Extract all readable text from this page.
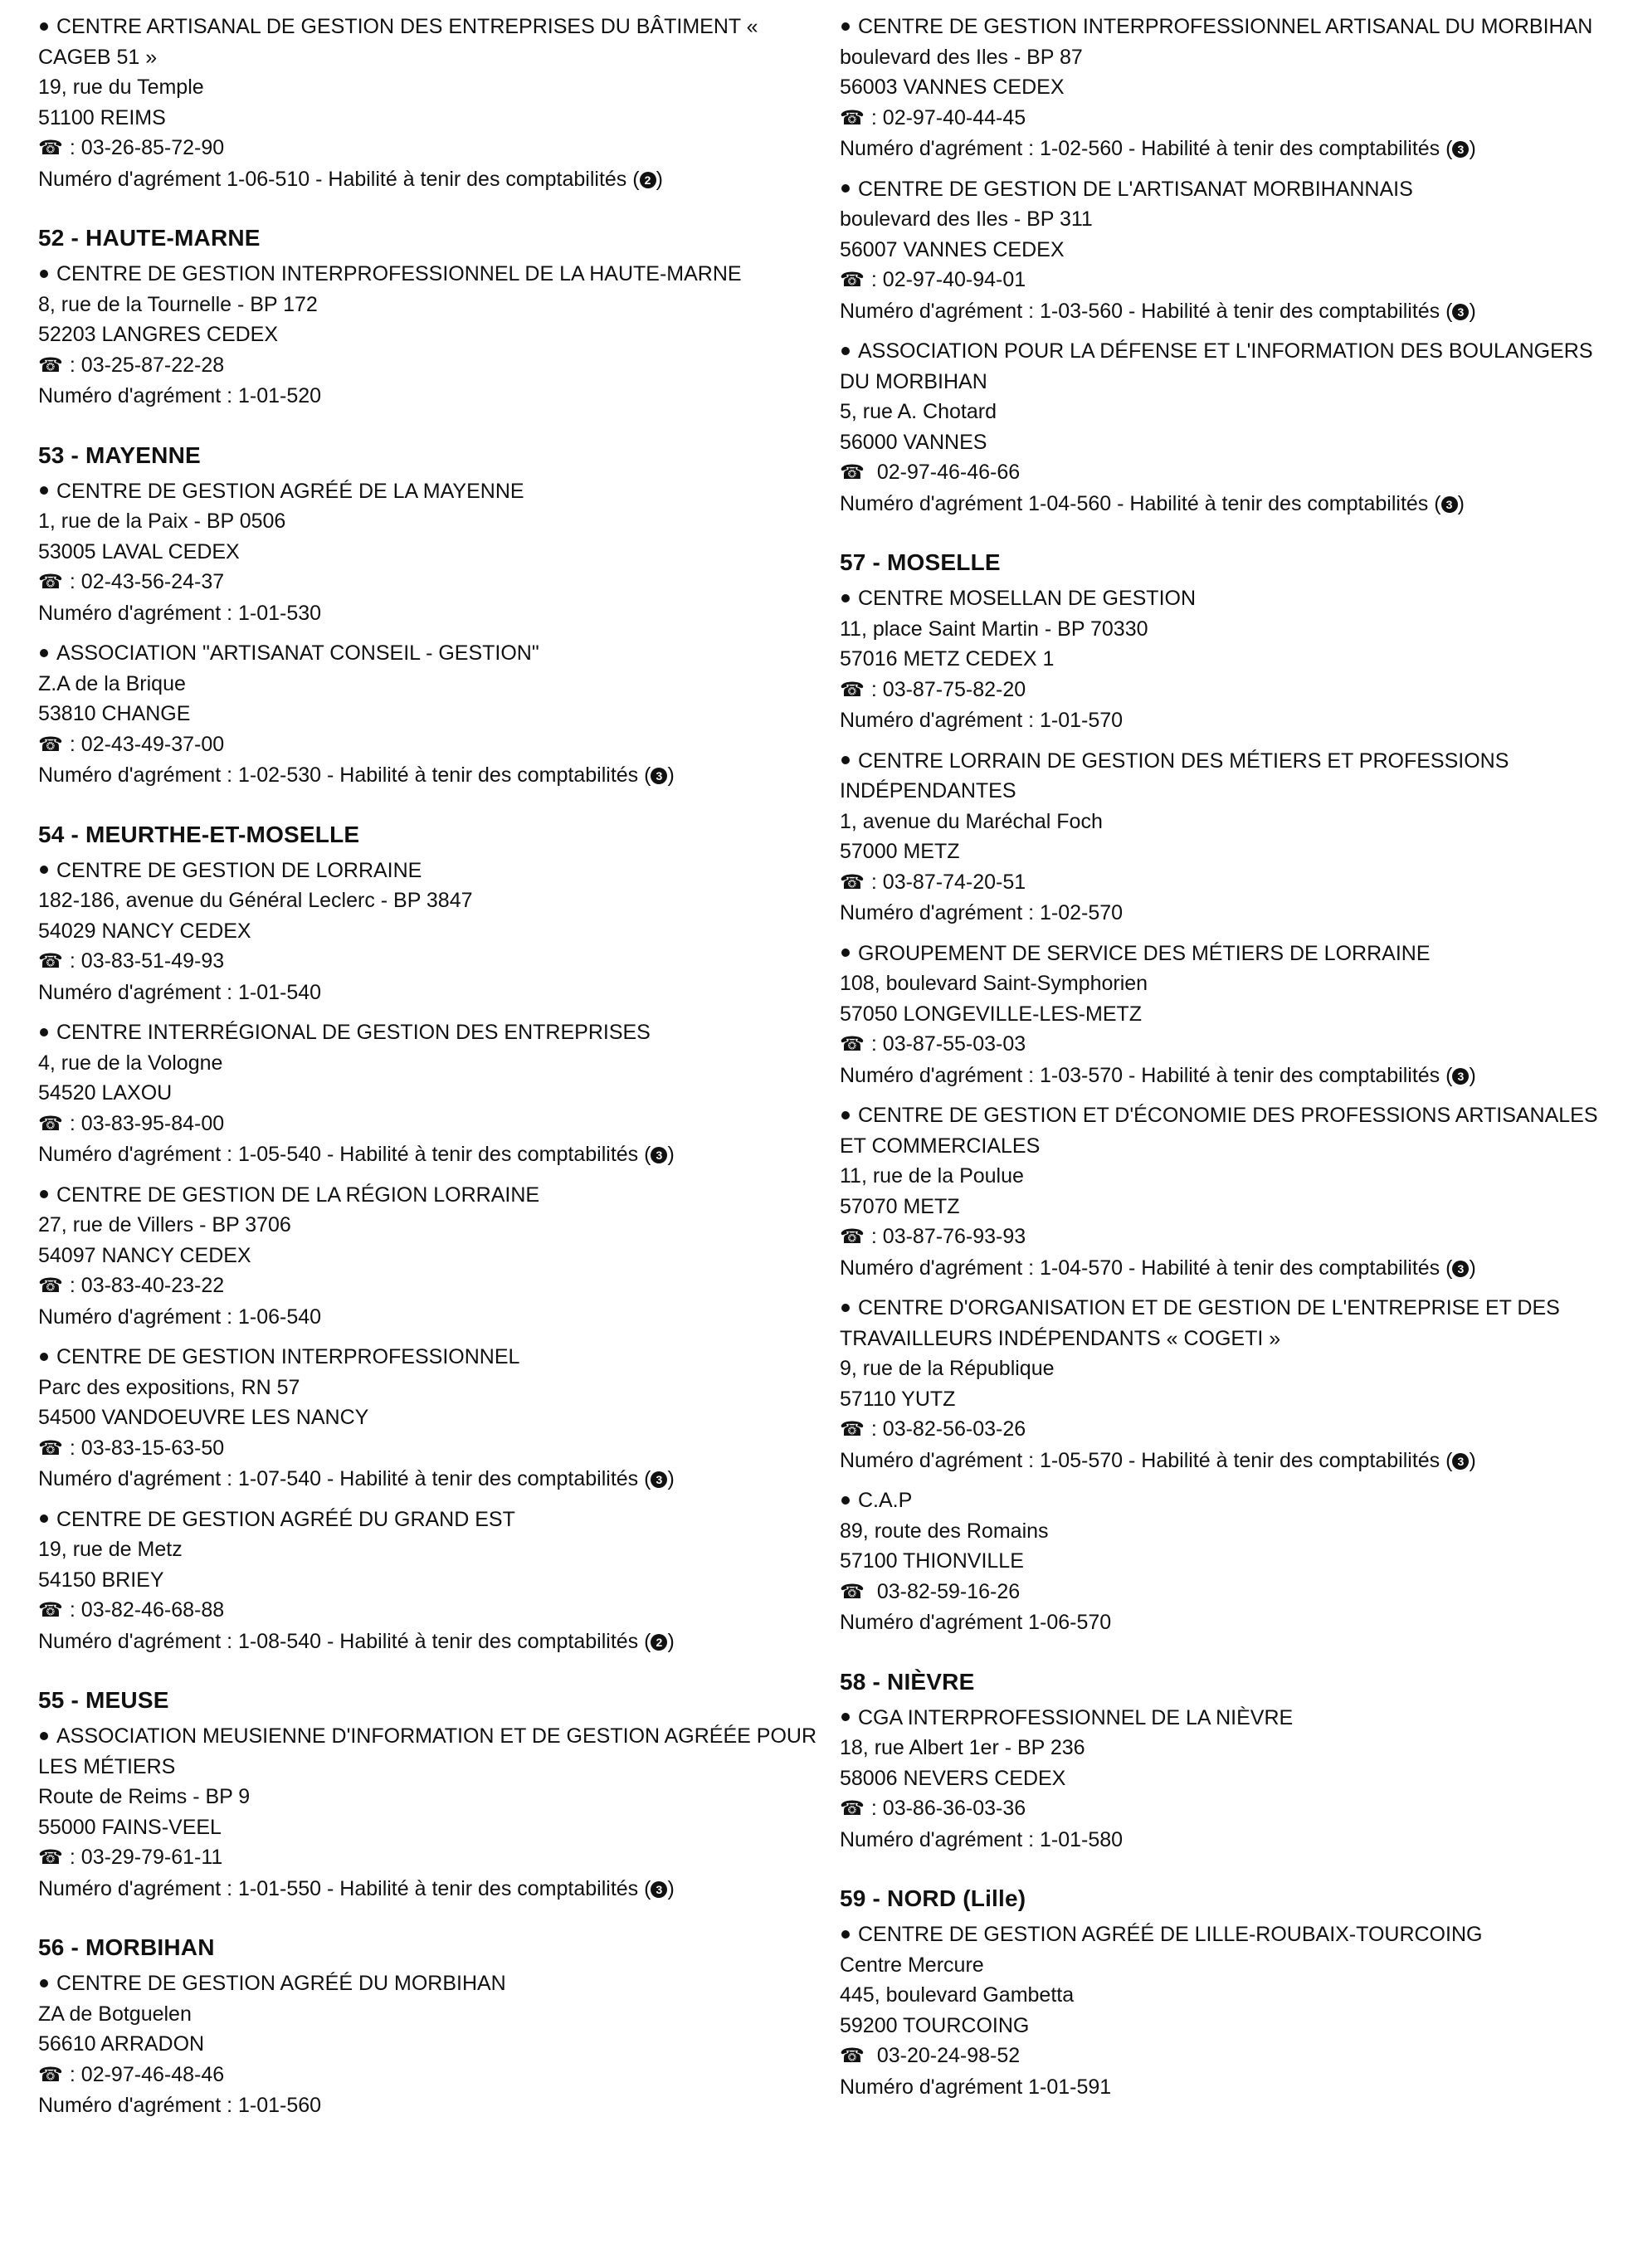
CENTRE ARTISANAL DE GESTION DES ENTREPRISES DU BÂTIMENT « CAGEB 51 »
19, rue du Temple
51100 REIMS
☎ : 03-26-85-72-90
Numéro d'agrément 1-06-510 - Habilité à tenir des comptabilités ( 2 )
52 - HAUTE-MARNE
CENTRE DE GESTION INTERPROFESSIONNEL DE LA HAUTE-MARNE
8, rue de la Tournelle - BP 172
52203 LANGRES CEDEX
☎ : 03-25-87-22-28
Numéro d'agrément : 1-01-520
53 - MAYENNE
CENTRE DE GESTION AGRÉÉ DE LA MAYENNE
1, rue de la Paix - BP 0506
53005 LAVAL CEDEX
☎ : 02-43-56-24-37
Numéro d'agrément : 1-01-530
ASSOCIATION "ARTISANAT CONSEIL - GESTION"
Z.A de la Brique
53810 CHANGE
☎ : 02-43-49-37-00
Numéro d'agrément : 1-02-530 - Habilité à tenir des comptabilités ( 3 )
54 - MEURTHE-ET-MOSELLE
CENTRE DE GESTION DE LORRAINE
182-186, avenue du Général Leclerc - BP 3847
54029 NANCY CEDEX
☎ : 03-83-51-49-93
Numéro d'agrément : 1-01-540
CENTRE INTERRÉGIONAL DE GESTION DES ENTREPRISES
4, rue de la Vologne
54520 LAXOU
☎ : 03-83-95-84-00
Numéro d'agrément : 1-05-540 - Habilité à tenir des comptabilités ( 3 )
CENTRE DE GESTION DE LA RÉGION LORRAINE
27, rue de Villers - BP 3706
54097 NANCY CEDEX
☎ : 03-83-40-23-22
Numéro d'agrément : 1-06-540
CENTRE DE GESTION INTERPROFESSIONNEL
Parc des expositions, RN 57
54500 VANDOEUVRE LES NANCY
☎ : 03-83-15-63-50
Numéro d'agrément : 1-07-540 - Habilité à tenir des comptabilités ( 3 )
CENTRE DE GESTION AGRÉÉ DU GRAND EST
19, rue de Metz
54150 BRIEY
☎ : 03-82-46-68-88
Numéro d'agrément : 1-08-540 - Habilité à tenir des comptabilités ( 2 )
55 - MEUSE
ASSOCIATION MEUSIENNE D'INFORMATION ET DE GESTION AGRÉÉE POUR LES MÉTIERS
Route de Reims - BP 9
55000 FAINS-VEEL
☎ : 03-29-79-61-11
Numéro d'agrément : 1-01-550 - Habilité à tenir des comptabilités ( 3 )
56 - MORBIHAN
CENTRE DE GESTION AGRÉÉ DU MORBIHAN
ZA de Botguelen
56610 ARRADON
☎ : 02-97-46-48-46
Numéro d'agrément : 1-01-560
CENTRE DE GESTION INTERPROFESSIONNEL ARTISANAL DU MORBIHAN
boulevard des Iles - BP 87
56003 VANNES CEDEX
☎ : 02-97-40-44-45
Numéro d'agrément : 1-02-560 - Habilité à tenir des comptabilités ( 3 )
CENTRE DE GESTION DE L'ARTISANAT MORBIHANNAIS
boulevard des Iles - BP 311
56007 VANNES CEDEX
☎ : 02-97-40-94-01
Numéro d'agrément : 1-03-560 - Habilité à tenir des comptabilités ( 3 )
ASSOCIATION POUR LA DÉFENSE ET L'INFORMATION DES BOULANGERS DU MORBIHAN
5, rue A. Chotard
56000 VANNES
☎ 02-97-46-46-66
Numéro d'agrément 1-04-560 - Habilité à tenir des comptabilités ( 3 )
57 - MOSELLE
CENTRE MOSELLAN DE GESTION
11, place Saint Martin - BP 70330
57016 METZ CEDEX 1
☎ : 03-87-75-82-20
Numéro d'agrément : 1-01-570
CENTRE LORRAIN DE GESTION DES MÉTIERS ET PROFESSIONS INDÉPENDANTES
1, avenue du Maréchal Foch
57000 METZ
☎ : 03-87-74-20-51
Numéro d'agrément : 1-02-570
GROUPEMENT DE SERVICE DES MÉTIERS DE LORRAINE
108, boulevard Saint-Symphorien
57050 LONGEVILLE-LES-METZ
☎ : 03-87-55-03-03
Numéro d'agrément : 1-03-570 - Habilité à tenir des comptabilités ( 3 )
CENTRE DE GESTION ET D'ÉCONOMIE DES PROFESSIONS ARTISANALES ET COMMERCIALES
11, rue de la Poulue
57070 METZ
☎ : 03-87-76-93-93
Numéro d'agrément : 1-04-570 - Habilité à tenir des comptabilités ( 3 )
CENTRE D'ORGANISATION ET DE GESTION DE L'ENTREPRISE ET DES TRAVAILLEURS INDÉPENDANTS « COGETI »
9, rue de la République
57110 YUTZ
☎ : 03-82-56-03-26
Numéro d'agrément : 1-05-570 - Habilité à tenir des comptabilités ( 3 )
C.A.P
89, route des Romains
57100 THIONVILLE
☎ 03-82-59-16-26
Numéro d'agrément 1-06-570
58 - NIÈVRE
CGA INTERPROFESSIONNEL DE LA NIÈVRE
18, rue Albert 1er - BP 236
58006 NEVERS CEDEX
☎ : 03-86-36-03-36
Numéro d'agrément : 1-01-580
59 - NORD (Lille)
CENTRE DE GESTION AGRÉÉ DE LILLE-ROUBAIX-TOURCOING
Centre Mercure
445, boulevard Gambetta
59200 TOURCOING
☎ 03-20-24-98-52
Numéro d'agrément 1-01-591
